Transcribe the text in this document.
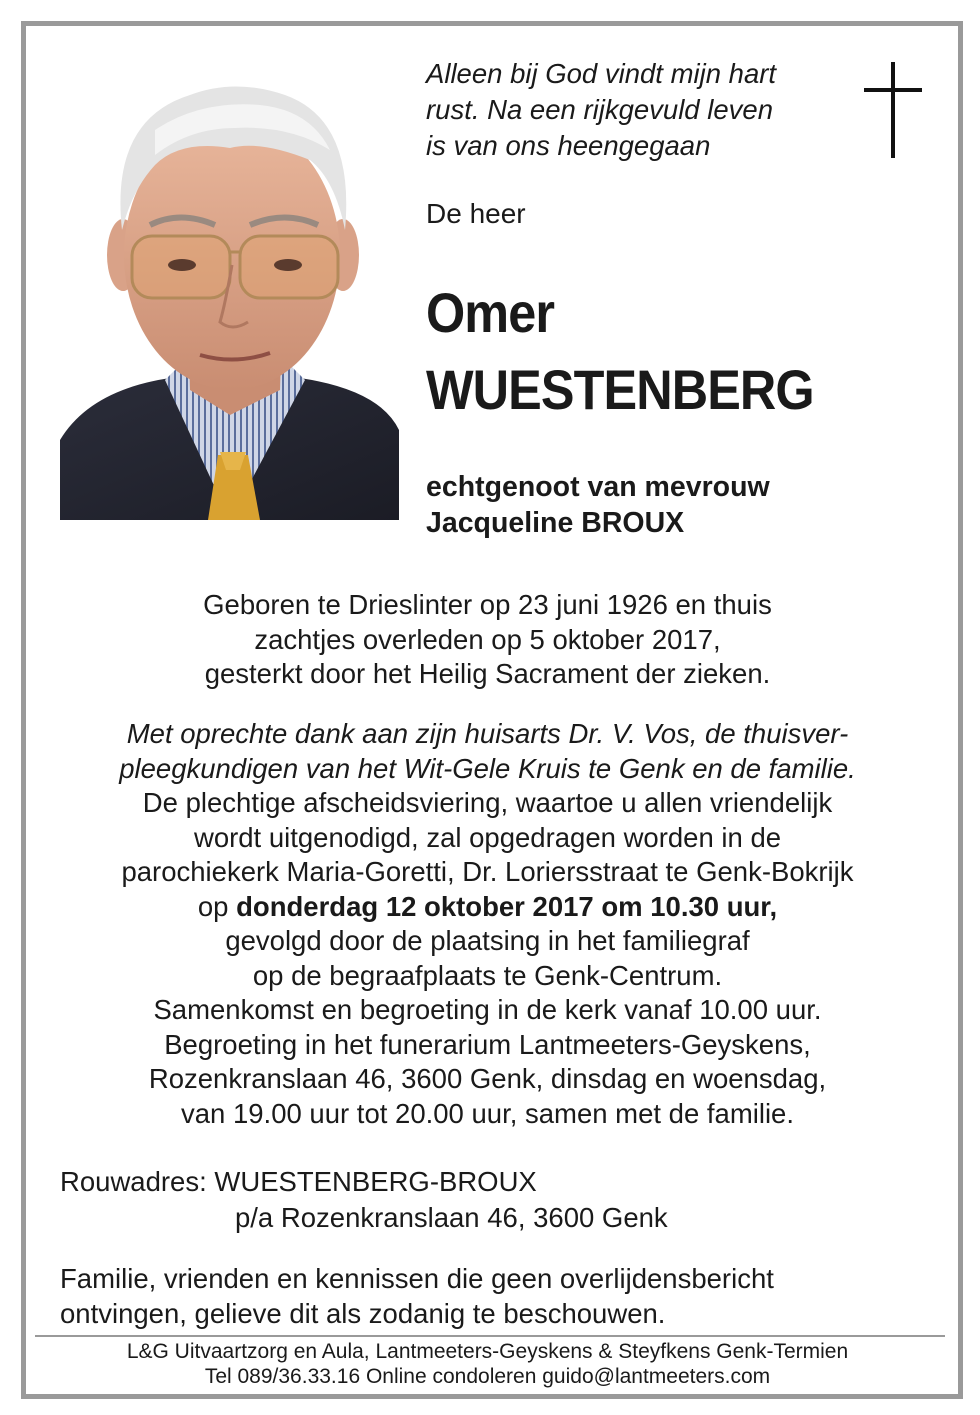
Alleen bij God vindt mijn hart
rust. Na een rijkgevuld leven
is van ons heengegaan

De heer

Omer

WUESTENBERG

echtgenoot van mevrouw

Jacqueline BROUX

Geboren te Drieslinter op 23 juni 1926 en thuis
zachtjes overleden op 5 oktober 2017,
gesterkt door het Heilig Sacrament der zieken.
Met oprechte dank aan zijn huisarts Dr. V. Vos, de thuisver-
pleegkundigen van het Wit-Gele Kruis te Genk en de familie.
De plechtige afscheidsviering, waartoe u allen vriendelijk
wordt uitgenodigd, zal opgedragen worden in de
parochiekerk Maria-Goretti, Dr. Loriersstraat te Genk-Bokrijk
op donderdag 12 oktober 2017 om 10.30 uur,
gevolgd door de plaatsing in het familiegraf
op de begraafplaats te Genk-Centrum.
Samenkomst en begroeting in de kerk vanaf 10.00 uur.
Begroeting in het funerarium Lantmeeters-Geyskens,
Rozenkranslaan 46, 3600 Genk, dinsdag en woensdag,
van 19.00 uur tot 20.00 uur, samen met de familie.

Rouwadres: WUESTENBERG-BROUX
p/a Rozenkranslaan 46, 3600 Genk

Familie, vrienden en kennissen die geen overlijdensbericht
ontvingen, gelieve dit als zodanig te beschouwen.
L&G Uitvaartzorg en Aula, Lantmeeters-Geyskens & Steyfkens Genk-Termien
Tel 089/36.33.16 Online condoleren guido@lantmeeters.com
